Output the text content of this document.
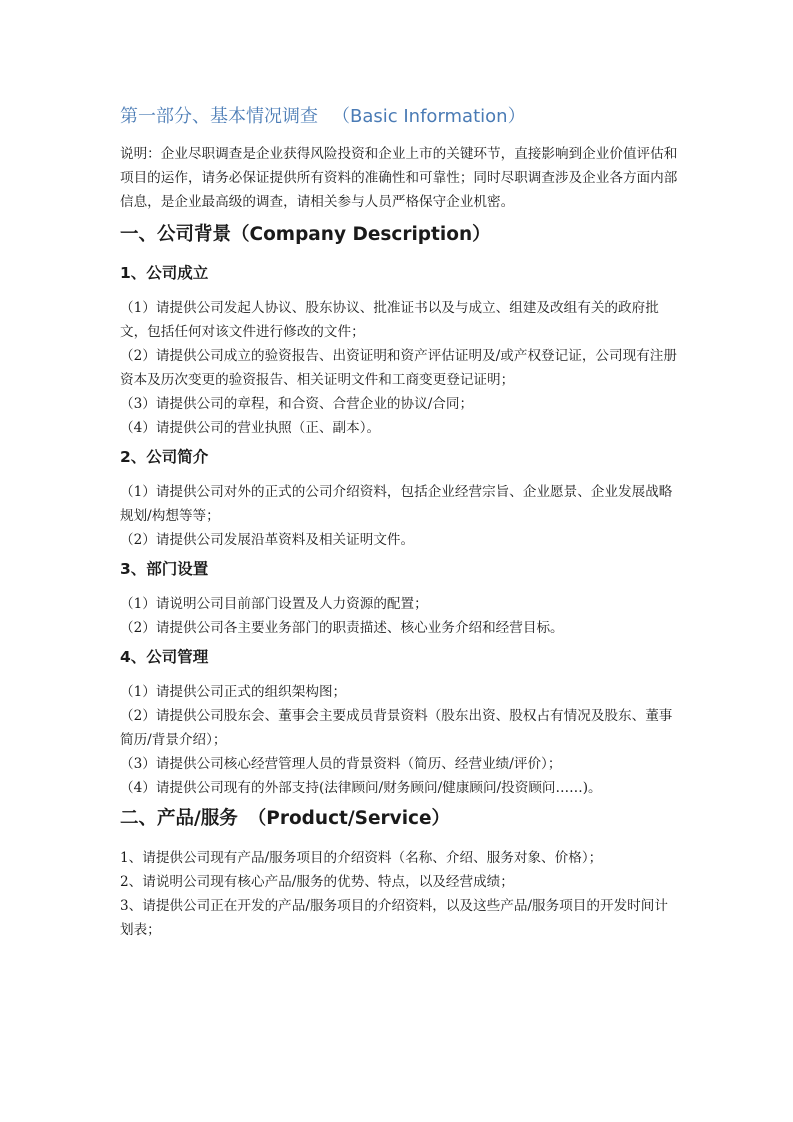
第一部分、基本情况调查 （Basic Information）

说明：企业尽职调查是企业获得风险投资和企业上市的关键环节，直接影响到企业价值评估和项目的运作，请务必保证提供所有资料的准确性和可靠性；同时尽职调查涉及企业各方面内部信息，是企业最高级的调查，请相关参与人员严格保守企业机密。

一、公司背景（Company Description）
1、公司成立

（1）请提供公司发起人协议、股东协议、批准证书以及与成立、组建及改组有关的政府批文，包括任何对该文件进行修改的文件；

（2）请提供公司成立的验资报告、出资证明和资产评估证明及/或产权登记证，公司现有注册资本及历次变更的验资报告、相关证明文件和工商变更登记证明；

（3）请提供公司的章程，和合资、合营企业的协议/合同；

（4）请提供公司的营业执照（正、副本）。

2、公司简介

（1）请提供公司对外的正式的公司介绍资料，包括企业经营宗旨、企业愿景、企业发展战略规划/构想等等；

（2）请提供公司发展沿革资料及相关证明文件。

3、部门设置

（1）请说明公司目前部门设置及人力资源的配置；

（2）请提供公司各主要业务部门的职责描述、核心业务介绍和经营目标。

4、公司管理

（1）请提供公司正式的组织架构图；

（2）请提供公司股东会、董事会主要成员背景资料（股东出资、股权占有情况及股东、董事简历/背景介绍）；

（3）请提供公司核心经营管理人员的背景资料（简历、经营业绩/评价）；

（4）请提供公司现有的外部支持(法律顾问/财务顾问/健康顾问/投资顾问……)。

二、产品/服务 （Product/Service）

1、请提供公司现有产品/服务项目的介绍资料（名称、介绍、服务对象、价格）；

2、请说明公司现有核心产品/服务的优势、特点，以及经营成绩；

3、请提供公司正在开发的产品/服务项目的介绍资料，以及这些产品/服务项目的开发时间计划表；
